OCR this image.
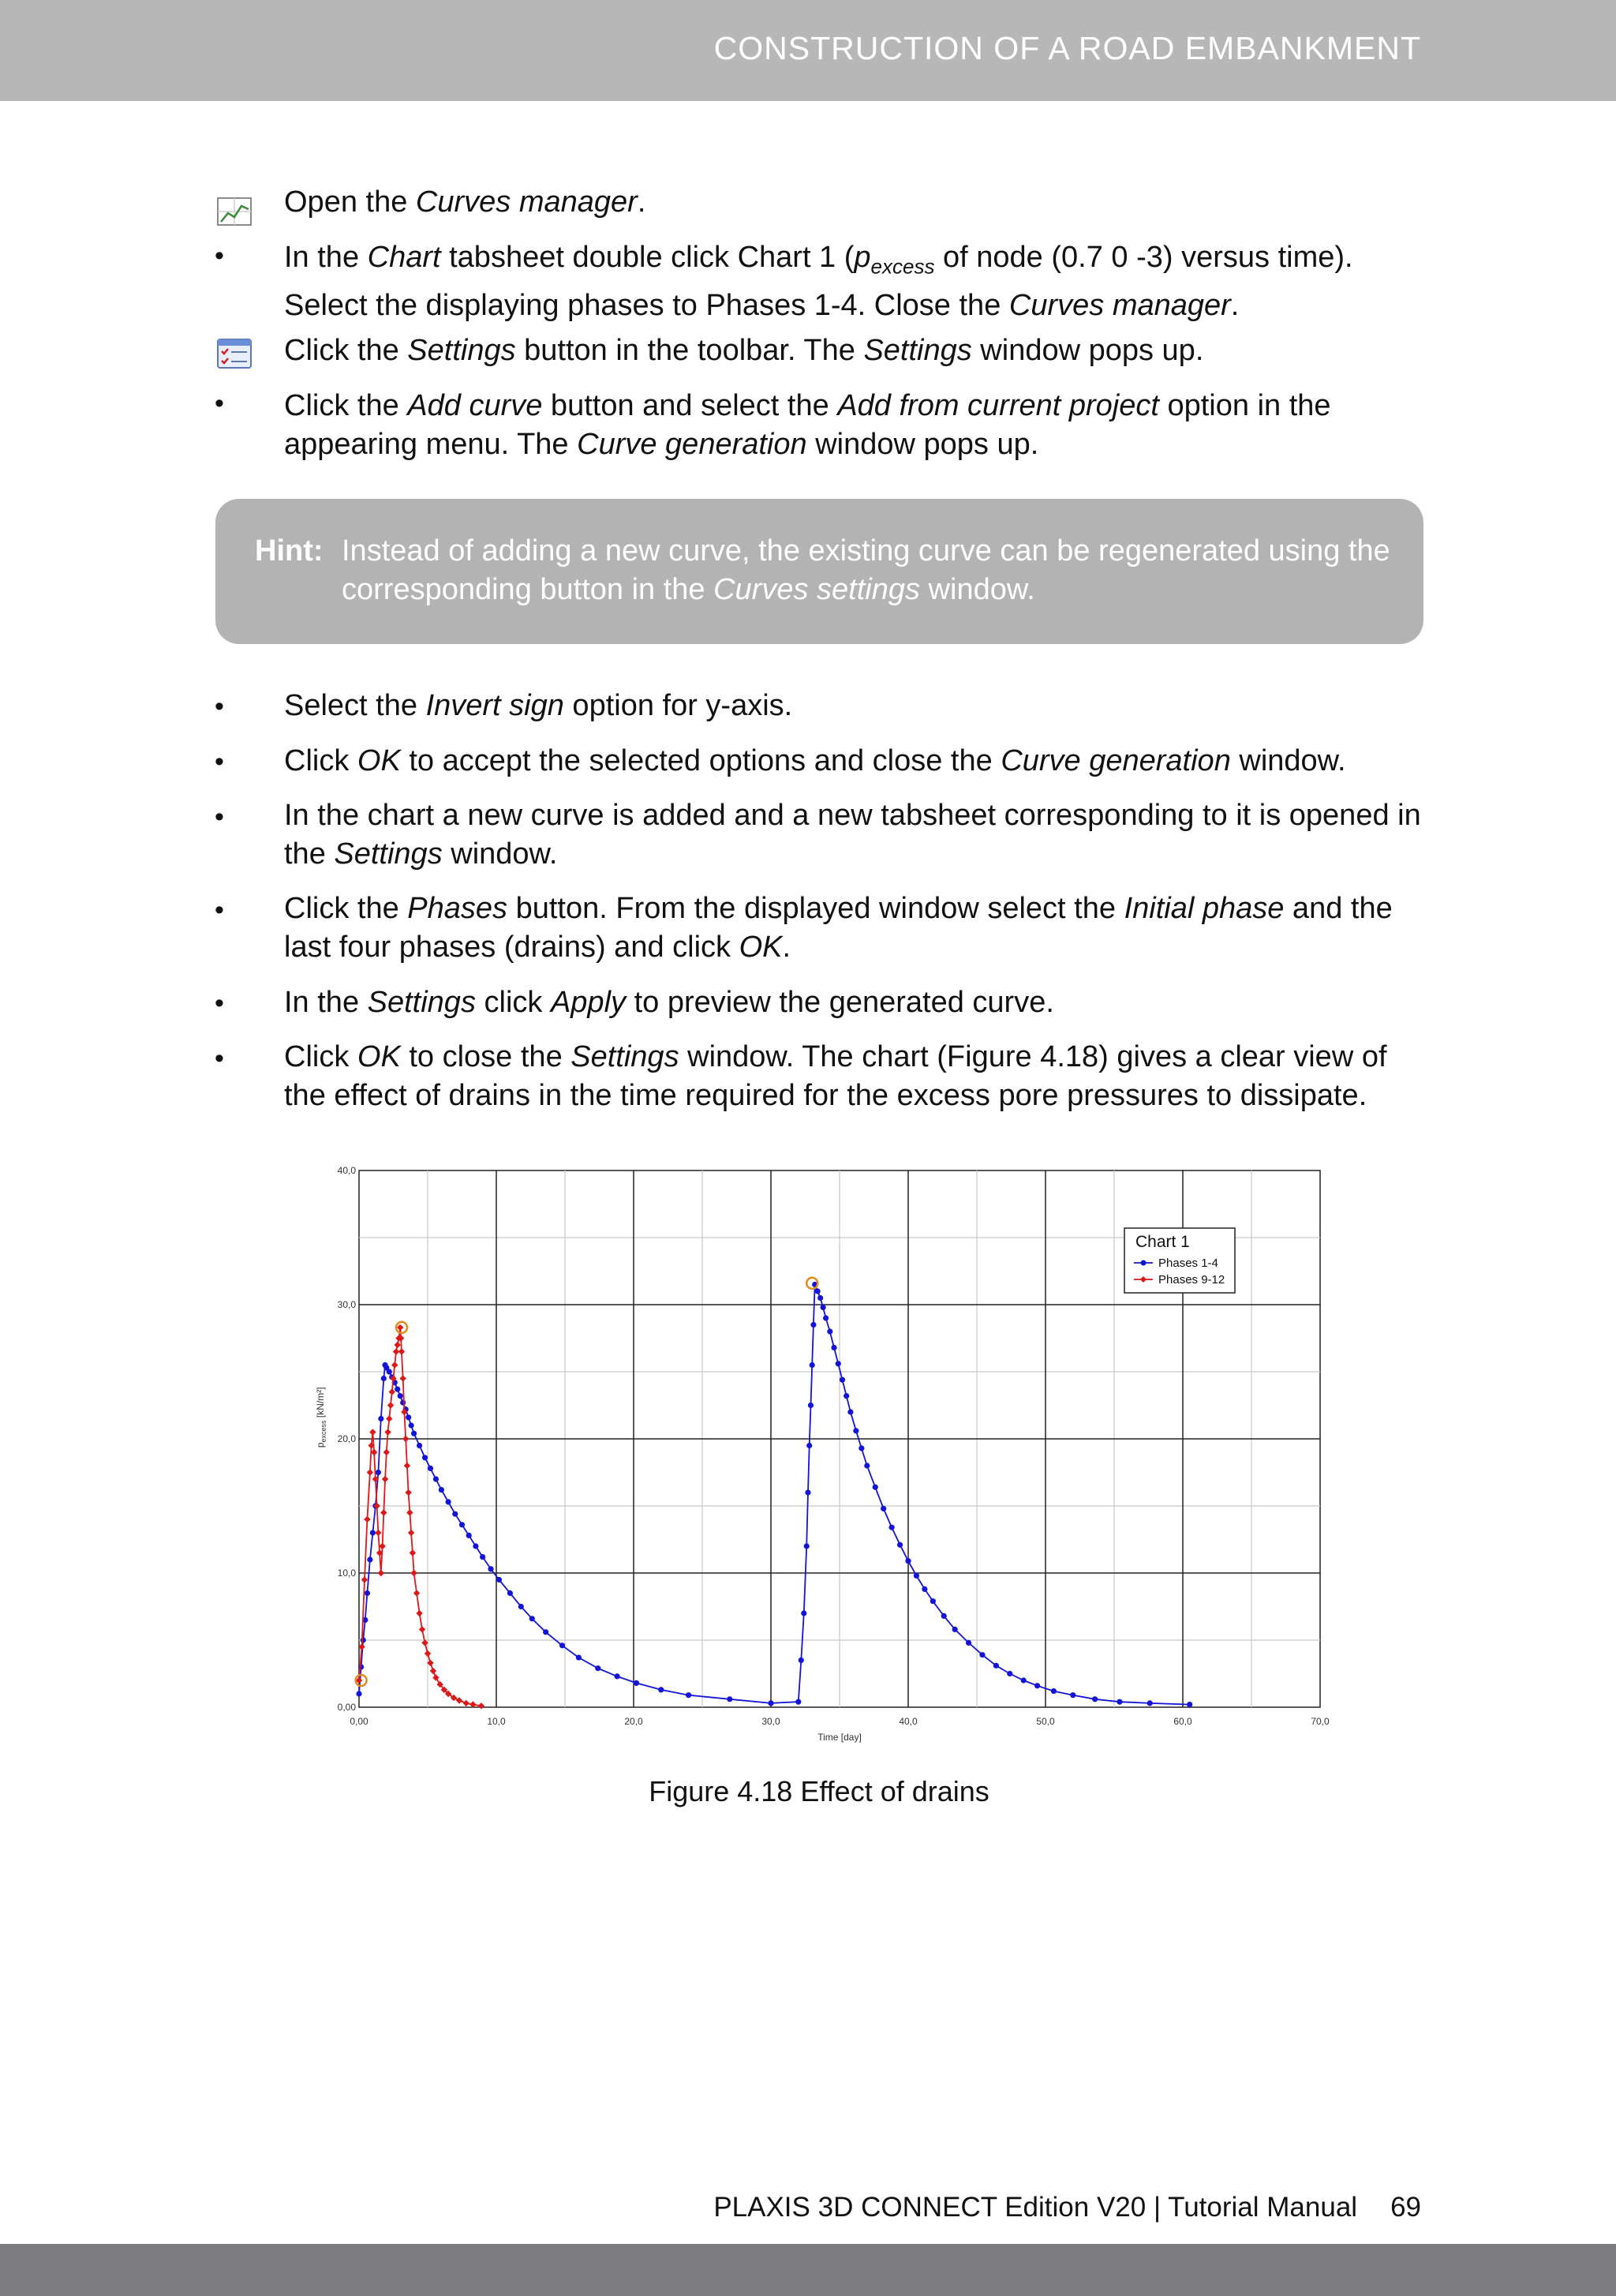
CONSTRUCTION OF A ROAD EMBANKMENT
Open the Curves manager.
• In the Chart tabsheet double click Chart 1 ($p_{excess}$ of node (0.7 0 -3) versus time). Select the displaying phases to Phases 1-4. Close the Curves manager.
Click the Settings button in the toolbar. The Settings window pops up.
• Click the Add curve button and select the Add from current project option in the appearing menu. The Curve generation window pops up.
Hint: Instead of adding a new curve, the existing curve can be regenerated using the corresponding button in the Curves settings window.
• Select the Invert sign option for y-axis.
• Click OK to accept the selected options and close the Curve generation window.
• In the chart a new curve is added and a new tabsheet corresponding to it is opened in the Settings window.
• Click the Phases button. From the displayed window select the Initial phase and the last four phases (drains) and click OK.
• In the Settings click Apply to preview the generated curve.
• Click OK to close the Settings window. The chart (Figure 4.18) gives a clear view of the effect of drains in the time required for the excess pore pressures to dissipate.
0,00	10,0	20,0	30,0	40,0	50,0	60,0	70,0
0,00
10,0
20,0
30,0
40,0
Time [day]
$p_{excess}$ [kN/m²]
Chart 1
Phases 1-4
Phases 9-12
Figure 4.18 Effect of drains
PLAXIS 3D CONNECT Edition V20 | Tutorial Manual 69
